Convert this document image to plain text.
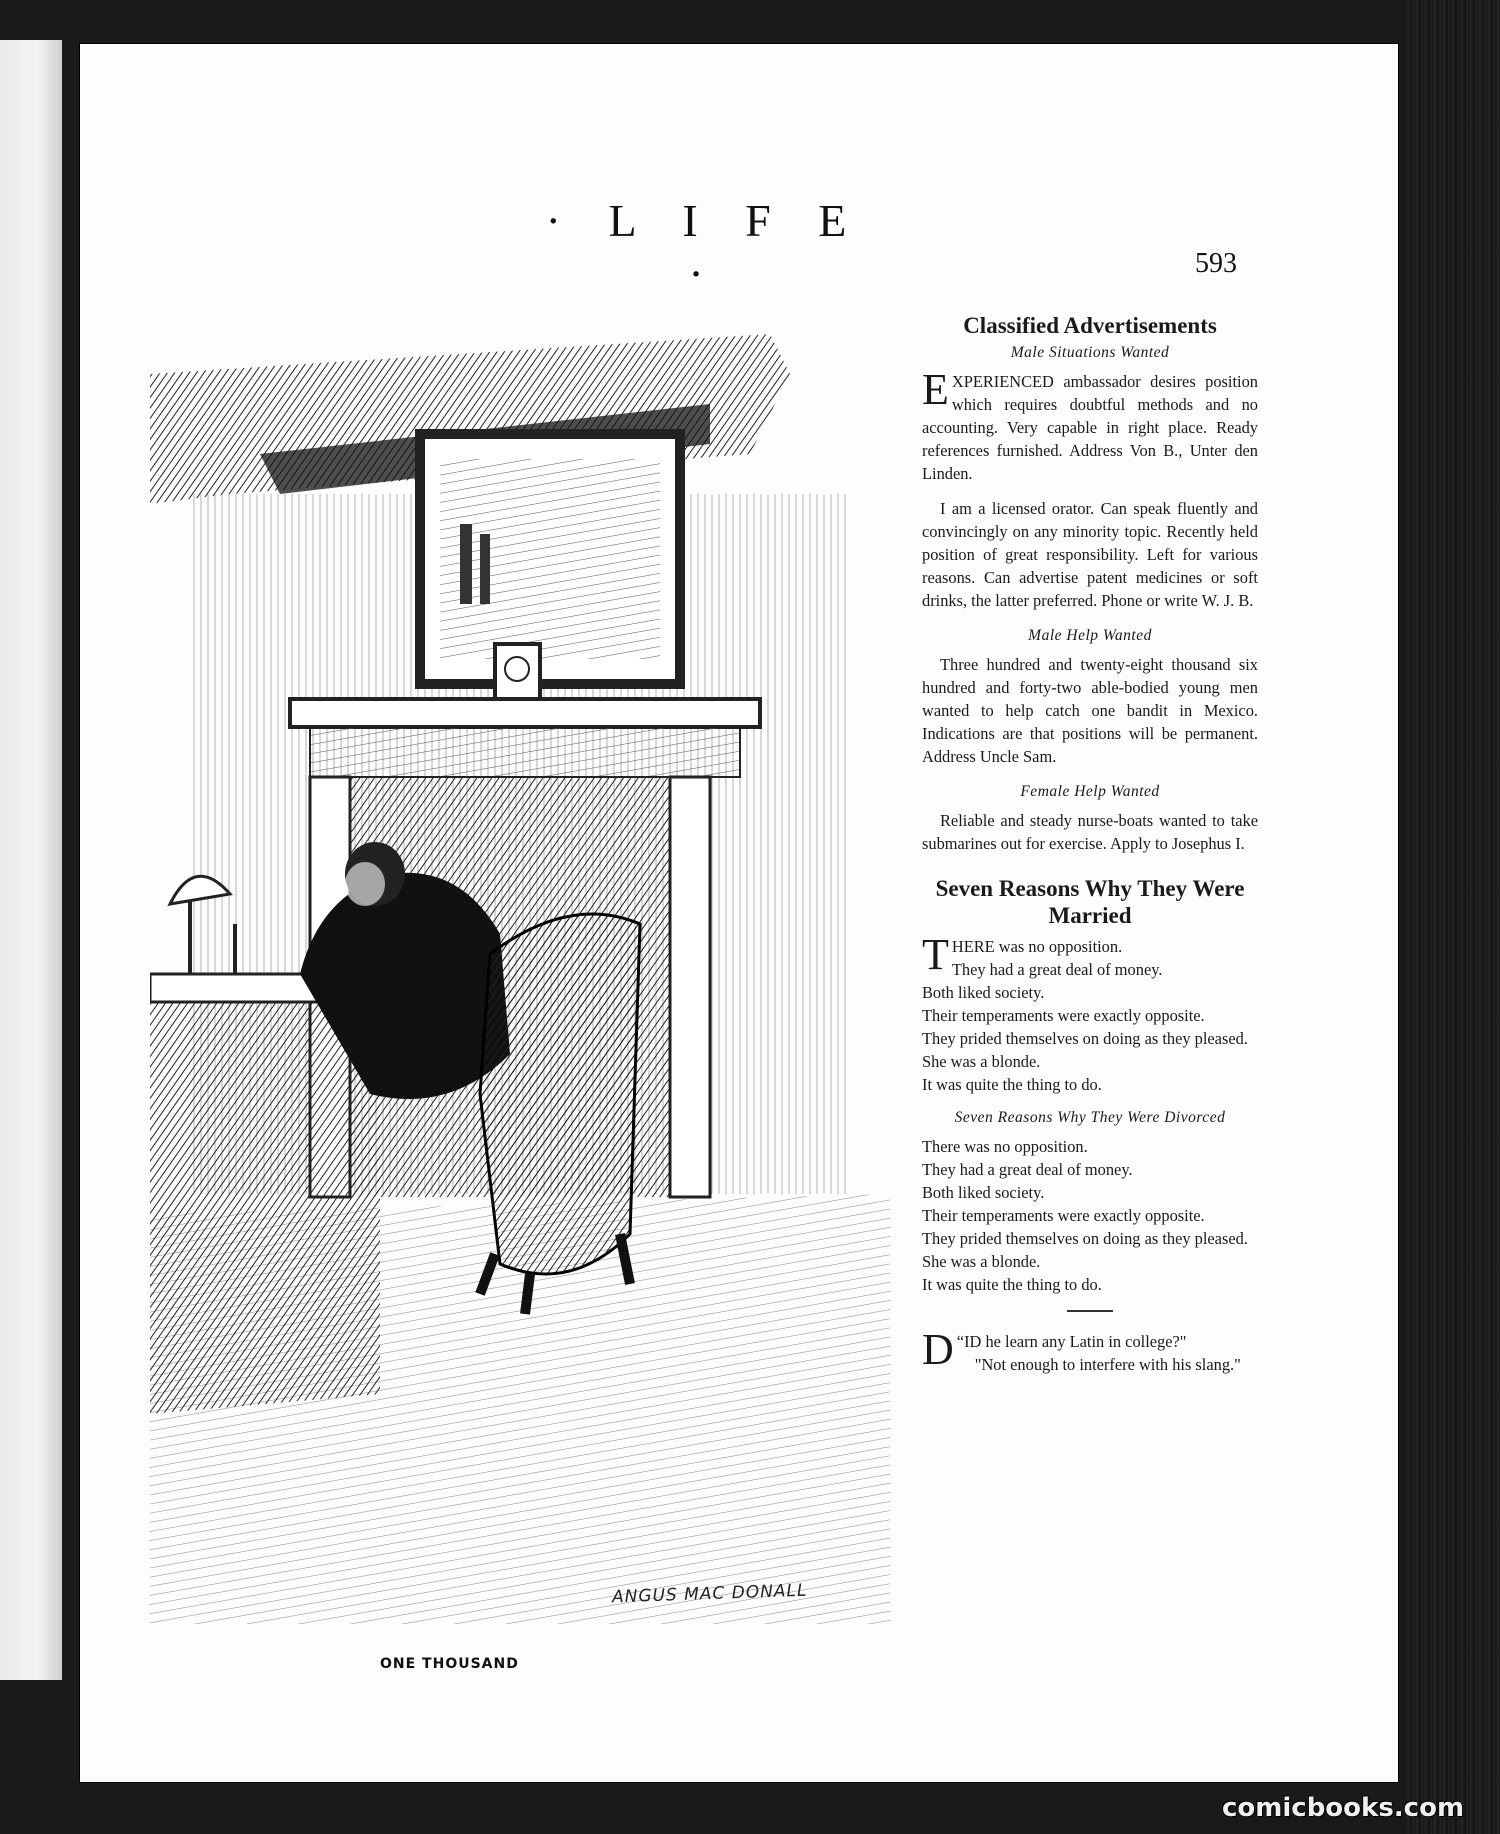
· L I F E ·	593
ANGUS MAC DONALL
ONE THOUSAND
Classified Advertisements
Male Situations Wanted

EXPERIENCED ambassador desires position which requires doubtful methods and no accounting. Very capable in right place. Ready references furnished. Address Von B., Unter den Linden.

I am a licensed orator. Can speak fluently and convincingly on any minority topic. Recently held position of great responsibility. Left for various reasons. Can advertise patent medicines or soft drinks, the latter preferred. Phone or write W. J. B.

Male Help Wanted

Three hundred and twenty-eight thousand six hundred and forty-two able-bodied young men wanted to help catch one bandit in Mexico. Indications are that positions will be permanent. Address Uncle Sam.

Female Help Wanted

Reliable and steady nurse-boats wanted to take submarines out for exercise. Apply to Josephus I.

Seven Reasons Why They Were Married
THERE was no opposition.
They had a great deal of money.
Both liked society.
Their temperaments were exactly opposite.
They prided themselves on doing as they pleased.
She was a blonde.
It was quite the thing to do.
Seven Reasons Why They Were Divorced
There was no opposition.
They had a great deal of money.
Both liked society.
Their temperaments were exactly opposite.
They prided themselves on doing as they pleased.
She was a blonde.
It was quite the thing to do.

“
D ID he learn any Latin in college?"
"Not enough to interfere with his slang."

comicbooks.com
